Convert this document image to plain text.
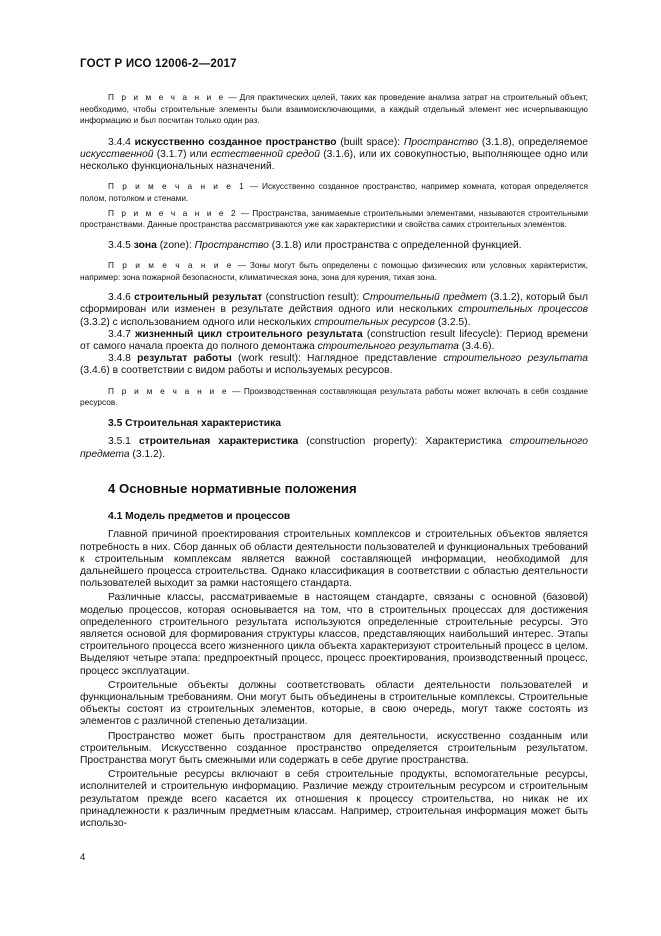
ГОСТ Р ИСО 12006-2—2017

П р и м е ч а н и е — Для практических целей, таких как проведение анализа затрат на строительный объект, необходимо, чтобы строительные элементы были взаимоисключающими, а каждый отдельный элемент нес исчерпывающую информацию и был посчитан только один раз.

3.4.4 искусственно созданное пространство (built space): Пространство (3.1.8), определяемое искусственной (3.1.7) или естественной средой (3.1.6), или их совокупностью, выполняющее одно или несколько функциональных назначений.

П р и м е ч а н и е 1 — Искусственно созданное пространство, например комната, которая определяется полом, потолком и стенами.

П р и м е ч а н и е 2 — Пространства, занимаемые строительными элементами, называются строительными пространствами. Данные пространства рассматриваются уже как характеристики и свойства самих строительных элементов.

3.4.5 зона (zone): Пространство (3.1.8) или пространства с определенной функцией.

П р и м е ч а н и е — Зоны могут быть определены с помощью физических или условных характеристик, например: зона пожарной безопасности, климатическая зона, зона для курения, тихая зона.

3.4.6 строительный результат (construction result): Строительный предмет (3.1.2), который был сформирован или изменен в результате действия одного или нескольких строительных процессов (3.3.2) с использованием одного или нескольких строительных ресурсов (3.2.5).

3.4.7 жизненный цикл строительного результата (construction result lifecycle): Период времени от самого начала проекта до полного демонтажа строительного результата (3.4.6).

3.4.8 результат работы (work result): Наглядное представление строительного результата (3.4.6) в соответствии с видом работы и используемых ресурсов.

П р и м е ч а н и е — Производственная составляющая результата работы может включать в себя создание ресурсов.

3.5 Строительная характеристика

3.5.1 строительная характеристика (construction property): Характеристика строительного предмета (3.1.2).

4 Основные нормативные положения

4.1 Модель предметов и процессов

Главной причиной проектирования строительных комплексов и строительных объектов является потребность в них. Сбор данных об области деятельности пользователей и функциональных требований к строительным комплексам является важной составляющей информации, необходимой для дальнейшего процесса строительства. Однако классификация в соответствии с областью деятельности пользователей выходит за рамки настоящего стандарта.

Различные классы, рассматриваемые в настоящем стандарте, связаны с основной (базовой) моделью процессов, которая основывается на том, что в строительных процессах для достижения определенного строительного результата используются определенные строительные ресурсы. Это является основой для формирования структуры классов, представляющих наибольший интерес. Этапы строительного процесса всего жизненного цикла объекта характеризуют строительный процесс в целом. Выделяют четыре этапа: предпроектный процесс, процесс проектирования, производственный процесс, процесс эксплуатации.

Строительные объекты должны соответствовать области деятельности пользователей и функциональным требованиям. Они могут быть объединены в строительные комплексы. Строительные объекты состоят из строительных элементов, которые, в свою очередь, могут также состоять из элементов с различной степенью детализации.

Пространство может быть пространством для деятельности, искусственно созданным или строительным. Искусственно созданное пространство определяется строительным результатом. Пространства могут быть смежными или содержать в себе другие пространства.

Строительные ресурсы включают в себя строительные продукты, вспомогательные ресурсы, исполнителей и строительную информацию. Различие между строительным ресурсом и строительным результатом прежде всего касается их отношения к процессу строительства, но никак не их принадлежности к различным предметным классам. Например, строительная информация может быть использо-

4
